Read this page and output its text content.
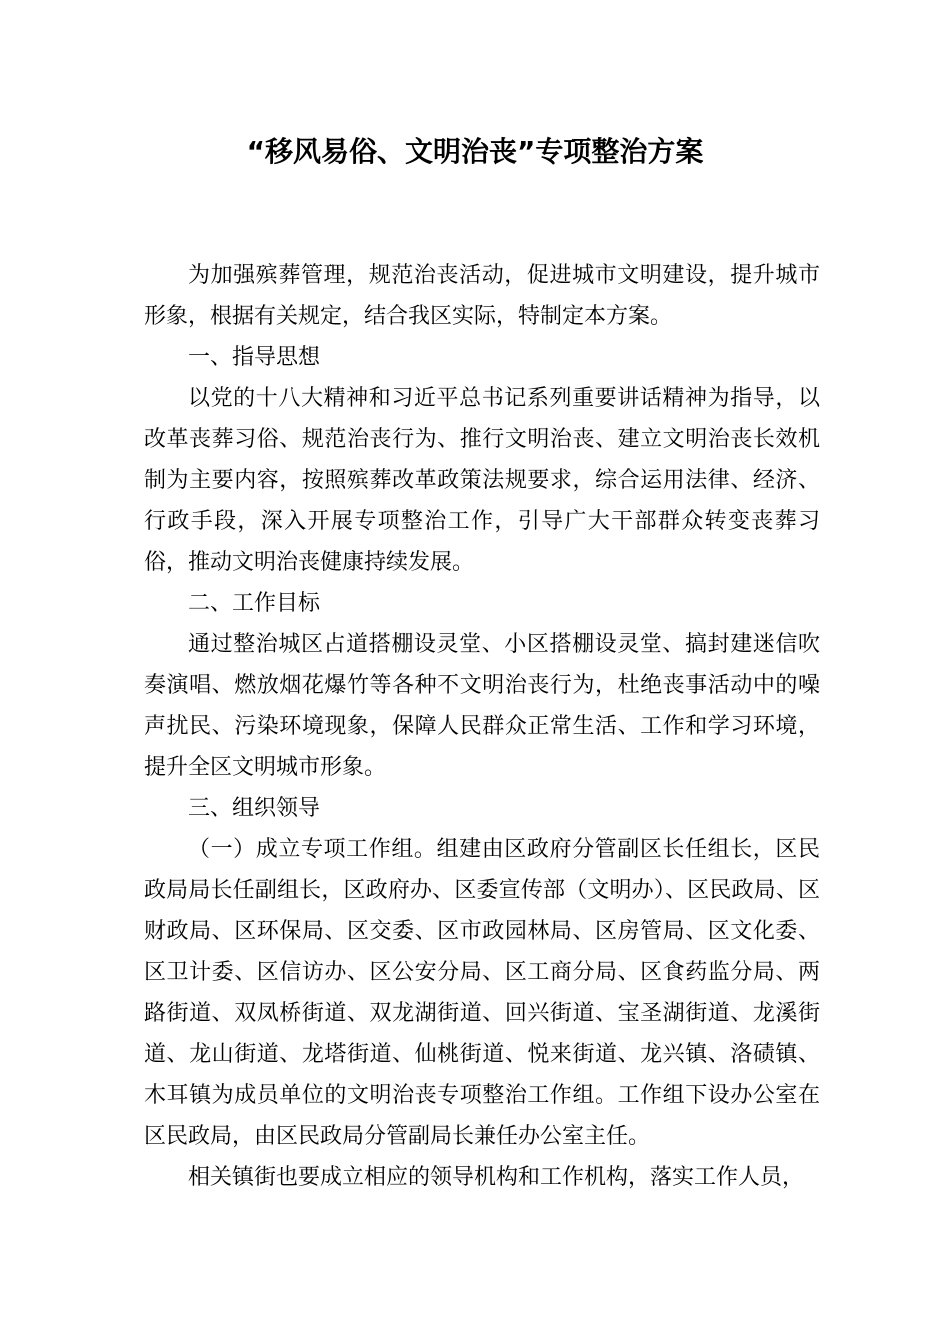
“移风易俗、文明治丧”专项整治方案

为加强殡葬管理，规范治丧活动，促进城市文明建设，提升城市形象，根据有关规定，结合我区实际，特制定本方案。

一、指导思想

以党的十八大精神和习近平总书记系列重要讲话精神为指导，以改革丧葬习俗、规范治丧行为、推行文明治丧、建立文明治丧长效机制为主要内容，按照殡葬改革政策法规要求，综合运用法律、经济、行政手段，深入开展专项整治工作，引导广大干部群众转变丧葬习俗，推动文明治丧健康持续发展。

二、工作目标

通过整治城区占道搭棚设灵堂、小区搭棚设灵堂、搞封建迷信吹奏演唱、燃放烟花爆竹等各种不文明治丧行为，杜绝丧事活动中的噪声扰民、污染环境现象，保障人民群众正常生活、工作和学习环境，提升全区文明城市形象。

三、组织领导

（一）成立专项工作组。组建由区政府分管副区长任组长，区民政局局长任副组长，区政府办、区委宣传部（文明办）、区民政局、区财政局、区环保局、区交委、区市政园林局、区房管局、区文化委、区卫计委、区信访办、区公安分局、区工商分局、区食药监分局、两路街道、双凤桥街道、双龙湖街道、回兴街道、宝圣湖街道、龙溪街道、龙山街道、龙塔街道、仙桃街道、悦来街道、龙兴镇、洛碛镇、木耳镇为成员单位的文明治丧专项整治工作组。工作组下设办公室在区民政局，由区民政局分管副局长兼任办公室主任。

相关镇街也要成立相应的领导机构和工作机构，落实工作人员，
